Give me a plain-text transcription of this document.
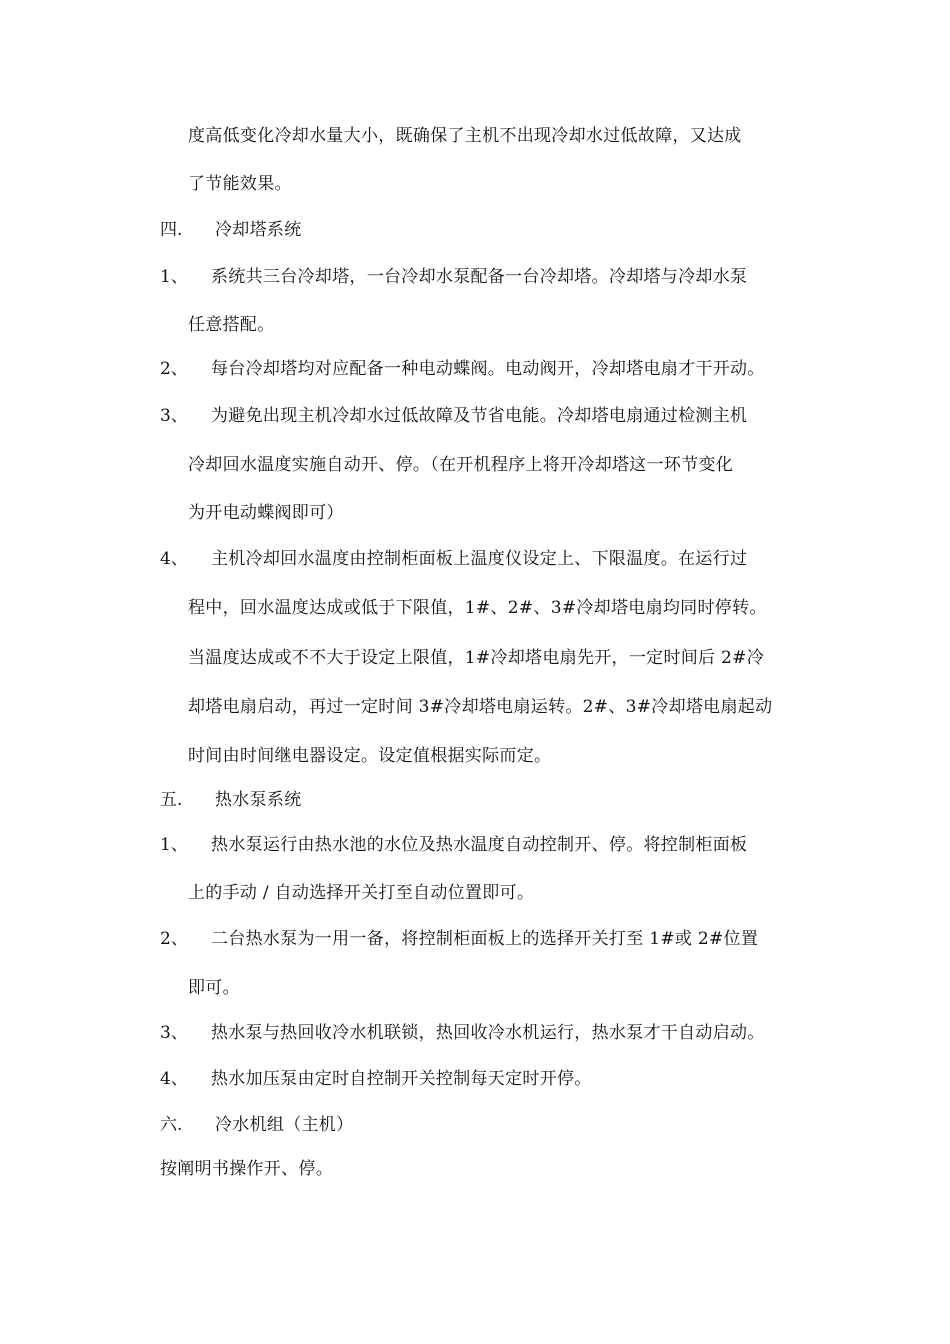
度高低变化冷却水量大小，既确保了主机不出现冷却水过低故障，又达成
了节能效果。
四. 冷却塔系统
1、 系统共三台冷却塔，一台冷却水泵配备一台冷却塔。冷却塔与冷却水泵
任意搭配。
2、 每台冷却塔均对应配备一种电动蝶阀。电动阀开，冷却塔电扇才干开动。
3、 为避免出现主机冷却水过低故障及节省电能。冷却塔电扇通过检测主机
冷却回水温度实施自动开、停。（在开机程序上将开冷却塔这一环节变化
为开电动蝶阀即可）
4、 主机冷却回水温度由控制柜面板上温度仪设定上、下限温度。在运行过
程中，回水温度达成或低于下限值，1#、2#、3#冷却塔电扇均同时停转。
当温度达成或不不大于设定上限值，1#冷却塔电扇先开，一定时间后 2#冷
却塔电扇启动，再过一定时间 3#冷却塔电扇运转。2#、3#冷却塔电扇起动
时间由时间继电器设定。设定值根据实际而定。
五. 热水泵系统
1、 热水泵运行由热水池的水位及热水温度自动控制开、停。将控制柜面板
上的手动 / 自动选择开关打至自动位置即可。
2、 二台热水泵为一用一备，将控制柜面板上的选择开关打至 1#或 2#位置
即可。
3、 热水泵与热回收冷水机联锁，热回收冷水机运行，热水泵才干自动启动。
4、 热水加压泵由定时自控制开关控制每天定时开停。
六. 冷水机组（主机）
按阐明书操作开、停。
